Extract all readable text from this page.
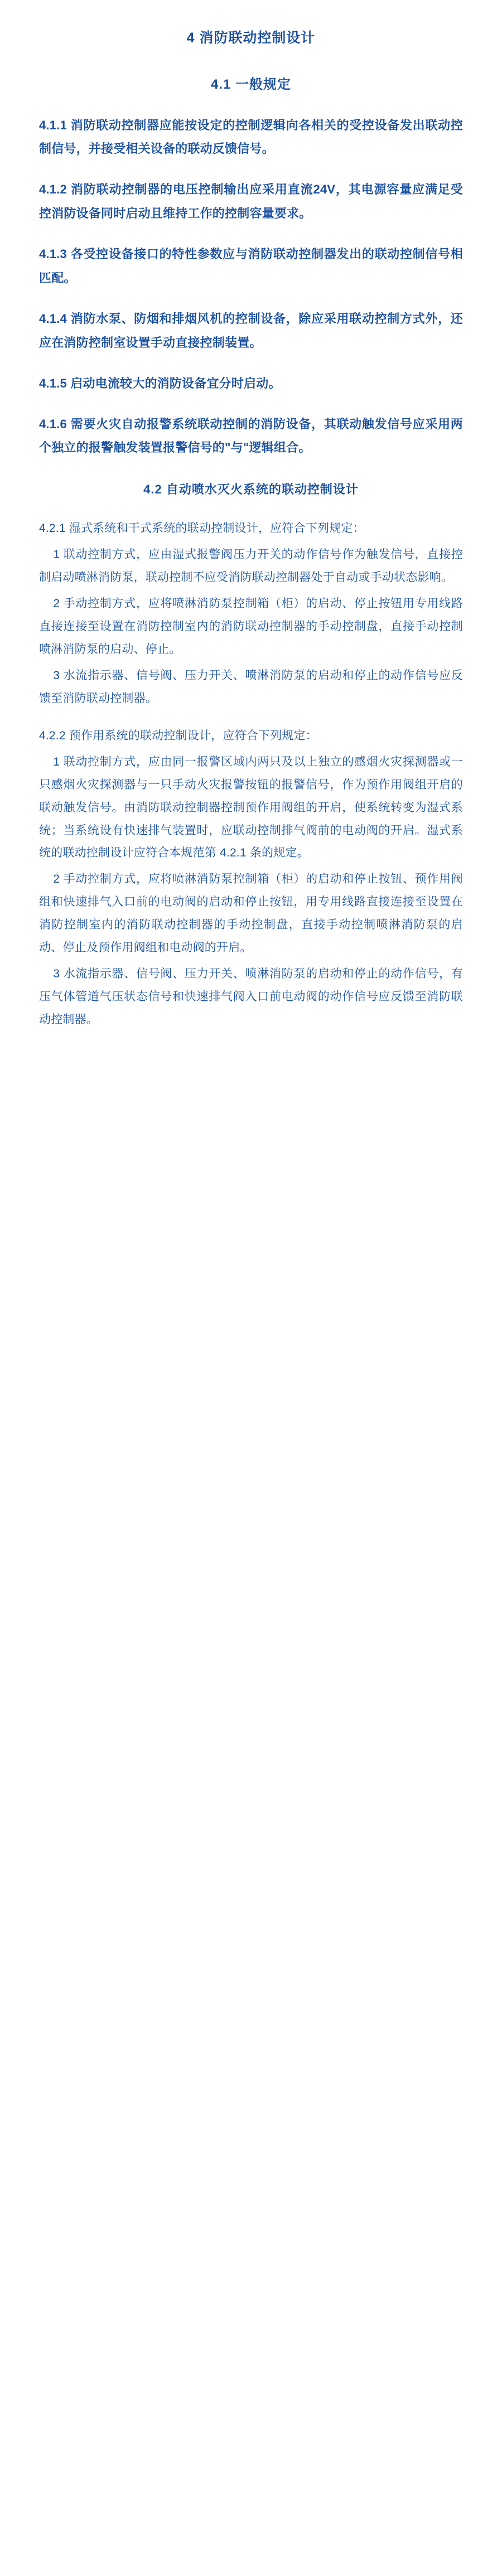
4 消防联动控制设计
4.1 一般规定
4.1.1 消防联动控制器应能按设定的控制逻辑向各相关的受控设备发出联动控制信号，并接受相关设备的联动反馈信号。
4.1.2 消防联动控制器的电压控制输出应采用直流24V，其电源容量应满足受控消防设备同时启动且维持工作的控制容量要求。
4.1.3 各受控设备接口的特性参数应与消防联动控制器发出的联动控制信号相匹配。
4.1.4 消防水泵、防烟和排烟风机的控制设备，除应采用联动控制方式外，还应在消防控制室设置手动直接控制装置。
4.1.5 启动电流较大的消防设备宜分时启动。
4.1.6 需要火灾自动报警系统联动控制的消防设备，其联动触发信号应采用两个独立的报警触发装置报警信号的"与"逻辑组合。
4.2 自动喷水灭火系统的联动控制设计
4.2.1 湿式系统和干式系统的联动控制设计，应符合下列规定：
1 联动控制方式，应由湿式报警阀压力开关的动作信号作为触发信号，直接控制启动喷淋消防泵，联动控制不应受消防联动控制器处于自动或手动状态影响。
2 手动控制方式，应将喷淋消防泵控制箱（柜）的启动、停止按钮用专用线路直接连接至设置在消防控制室内的消防联动控制器的手动控制盘，直接手动控制喷淋消防泵的启动、停止。
3 水流指示器、信号阀、压力开关、喷淋消防泵的启动和停止的动作信号应反馈至消防联动控制器。
4.2.2 预作用系统的联动控制设计，应符合下列规定：
1 联动控制方式，应由同一报警区域内两只及以上独立的感烟火灾探测器或一只感烟火灾探测器与一只手动火灾报警按钮的报警信号，作为预作用阀组开启的联动触发信号。由消防联动控制器控制预作用阀组的开启，使系统转变为湿式系统；当系统设有快速排气装置时，应联动控制排气阀前的电动阀的开启。湿式系统的联动控制设计应符合本规范第 4.2.1 条的规定。
2 手动控制方式，应将喷淋消防泵控制箱（柜）的启动和停止按钮、预作用阀组和快速排气入口前的电动阀的启动和停止按钮，用专用线路直接连接至设置在消防控制室内的消防联动控制器的手动控制盘，直接手动控制喷淋消防泵的启动、停止及预作用阀组和电动阀的开启。
3 水流指示器、信号阀、压力开关、喷淋消防泵的启动和停止的动作信号，有压气体管道气压状态信号和快速排气阀入口前电动阀的动作信号应反馈至消防联动控制器。
